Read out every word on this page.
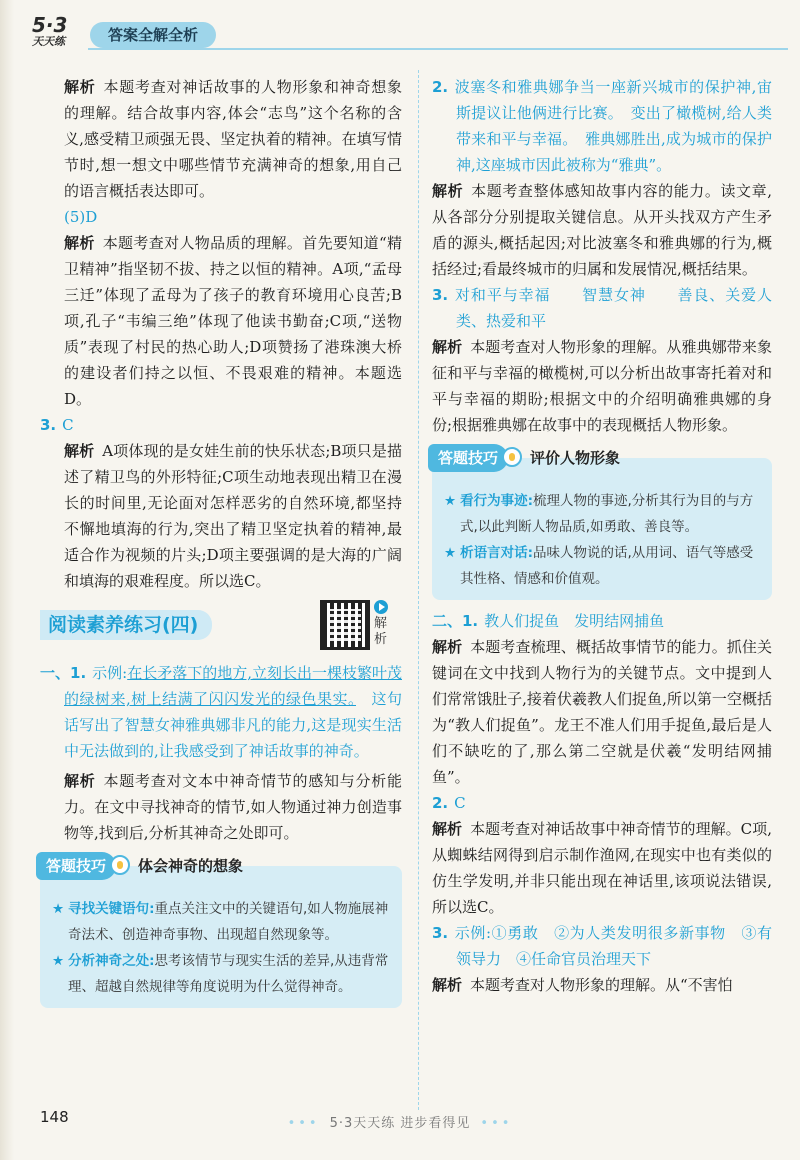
5·3
天天练	答案全解全析
解析 本题考查对神话故事的人物形象和神奇想象的理解。结合故事内容,体会“志鸟”这个名称的含义,感受精卫顽强无畏、坚定执着的精神。在填写情节时,想一想文中哪些情节充满神奇的想象,用自己的语言概括表达即可。
(5)D
解析 本题考查对人物品质的理解。首先要知道“精卫精神”指坚韧不拔、持之以恒的精神。A项,“孟母三迁”体现了孟母为了孩子的教育环境用心良苦;B项,孔子“韦编三绝”体现了他读书勤奋;C项,“送物质”表现了村民的热心助人;D项赞扬了港珠澳大桥的建设者们持之以恒、不畏艰难的精神。本题选D。
3. C
解析 A项体现的是女娃生前的快乐状态;B项只是描述了精卫鸟的外形特征;C项生动地表现出精卫在漫长的时间里,无论面对怎样恶劣的自然环境,都坚持不懈地填海的行为,突出了精卫坚定执着的精神,最适合作为视频的片头;D项主要强调的是大海的广阔和填海的艰难程度。所以选C。
阅读素养练习(四)	解析
一、1. 示例:在长矛落下的地方,立刻长出一棵枝繁叶茂的绿树来,树上结满了闪闪发光的绿色果实。　 这句话写出了智慧女神雅典娜非凡的能力,这是现实生活中无法做到的,让我感受到了神话故事的神奇。
解析 本题考查对文本中神奇情节的感知与分析能力。在文中寻找神奇的情节,如人物通过神力创造事物等,找到后,分析其神奇之处即可。
答题技巧 体会神奇的想象
★ 寻找关键语句:重点关注文中的关键语句,如人物施展神奇法术、创造神奇事物、出现超自然现象等。
★ 分析神奇之处:思考该情节与现实生活的差异,从违背常理、超越自然规律等角度说明为什么觉得神奇。
2. 波塞冬和雅典娜争当一座新兴城市的保护神,宙斯提议让他俩进行比赛。　 变出了橄榄树,给人类带来和平与幸福。　 雅典娜胜出,成为城市的保护神,这座城市因此被称为“雅典”。
解析 本题考查整体感知故事内容的能力。读文章,从各部分分别提取关键信息。从开头找双方产生矛盾的源头,概括起因;对比波塞冬和雅典娜的行为,概括经过;看最终城市的归属和发展情况,概括结果。
3. 对和平与幸福　　智慧女神　　善良、关爱人类、热爱和平
解析 本题考查对人物形象的理解。从雅典娜带来象征和平与幸福的橄榄树,可以分析出故事寄托着对和平与幸福的期盼;根据文中的介绍明确雅典娜的身份;根据雅典娜在故事中的表现概括人物形象。
答题技巧 评价人物形象
★ 看行为事迹:梳理人物的事迹,分析其行为目的与方式,以此判断人物品质,如勇敢、善良等。
★ 析语言对话:品味人物说的话,从用词、语气等感受其性格、情感和价值观。
二、1. 教人们捉鱼　发明结网捕鱼
解析 本题考查梳理、概括故事情节的能力。抓住关键词在文中找到人物行为的关键节点。文中提到人们常常饿肚子,接着伏羲教人们捉鱼,所以第一空概括为“教人们捉鱼”。龙王不准人们用手捉鱼,最后是人们不缺吃的了,那么第二空就是伏羲“发明结网捕鱼”。
2. C
解析 本题考查对神话故事中神奇情节的理解。C项,从蜘蛛结网得到启示制作渔网,在现实中也有类似的仿生学发明,并非只能出现在神话里,该项说法错误,所以选C。
3. 示例:①勇敢　②为人类发明很多新事物　③有领导力　④任命官员治理天下
解析 本题考查对人物形象的理解。从“不害怕
148	••• 5·3天天练 进步看得见 •••
